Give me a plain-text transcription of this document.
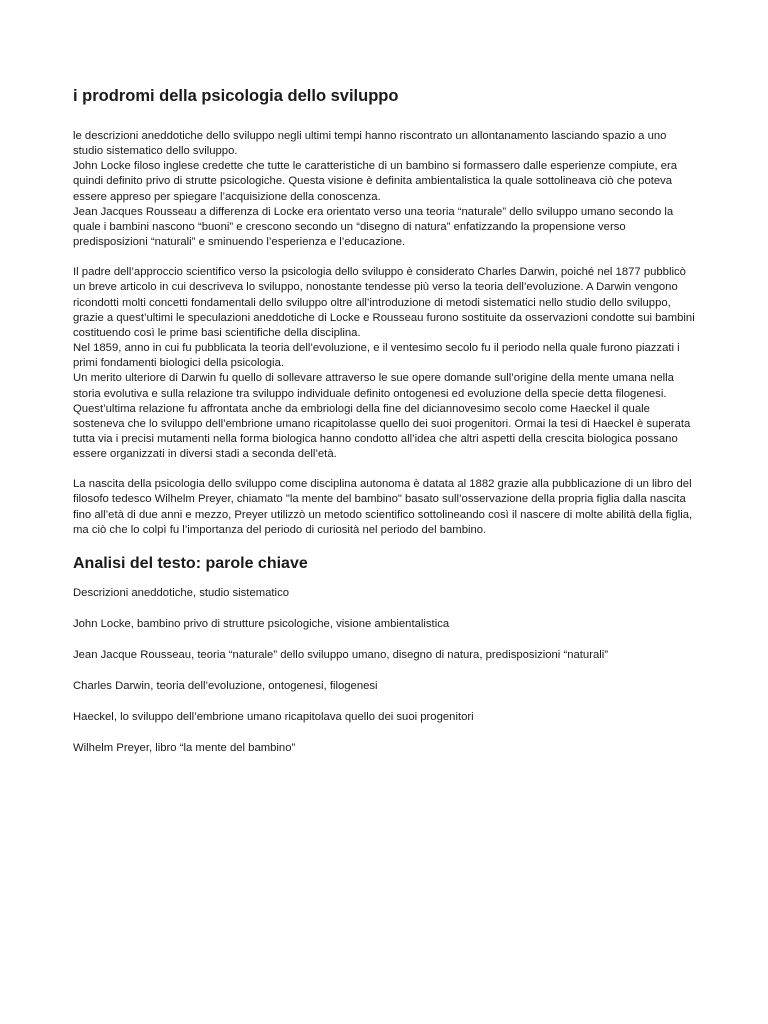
i prodromi della psicologia dello sviluppo

le descrizioni aneddotiche dello sviluppo negli ultimi tempi hanno riscontrato un allontanamento lasciando spazio a uno studio sistematico dello sviluppo.

John Locke filoso inglese credette che tutte le caratteristiche di un bambino si formassero dalle esperienze compiute, era quindi definito privo di strutte psicologiche. Questa visione è definita ambientalistica la quale sottolineava ciò che poteva essere appreso per spiegare l’acquisizione della conoscenza.

Jean Jacques Rousseau a differenza di Locke era orientato verso una teoria “naturale” dello sviluppo umano secondo la quale i bambini nascono “buoni” e crescono secondo un “disegno di natura” enfatizzando la propensione verso predisposizioni “naturali” e sminuendo l’esperienza e l’educazione.

Il padre dell’approccio scientifico verso la psicologia dello sviluppo è considerato Charles Darwin, poiché nel 1877 pubblicò un breve articolo in cui descriveva lo sviluppo, nonostante tendesse più verso la teoria dell’evoluzione. A Darwin vengono ricondotti molti concetti fondamentali dello sviluppo oltre all’introduzione di metodi sistematici nello studio dello sviluppo, grazie a quest’ultimi le speculazioni aneddotiche di Locke e Rousseau furono sostituite da osservazioni condotte sui bambini costituendo così le prime basi scientifiche della disciplina.

Nel 1859, anno in cui fu pubblicata la teoria dell’evoluzione, e il ventesimo secolo fu il periodo nella quale furono piazzati i primi fondamenti biologici della psicologia.

Un merito ulteriore di Darwin fu quello di sollevare attraverso le sue opere domande sull’origine della mente umana nella storia evolutiva e sulla relazione tra sviluppo individuale definito ontogenesi ed evoluzione della specie detta filogenesi.

Quest’ultima relazione fu affrontata anche da embriologi della fine del diciannovesimo secolo come Haeckel il quale sosteneva che lo sviluppo dell’embrione umano ricapitolasse quello dei suoi progenitori. Ormai la tesi di Haeckel è superata tutta via i precisi mutamenti nella forma biologica hanno condotto all’idea che altri aspetti della crescita biologica possano essere organizzati in diversi stadi a seconda dell’età.

La nascita della psicologia dello sviluppo come disciplina autonoma è datata al 1882 grazie alla pubblicazione di un libro del filosofo tedesco Wilhelm Preyer, chiamato "la mente del bambino" basato sull’osservazione della propria figlia dalla nascita fino all’età di due anni e mezzo, Preyer utilizzò un metodo scientifico sottolineando così il nascere di molte abilità della figlia, ma ciò che lo colpì fu l’importanza del periodo di curiosità nel periodo del bambino.

Analisi del testo: parole chiave
Descrizioni aneddotiche, studio sistematico
John Locke, bambino privo di strutture psicologiche, visione ambientalistica
Jean Jacque Rousseau, teoria “naturale” dello sviluppo umano, disegno di natura, predisposizioni “naturali”
Charles Darwin, teoria dell’evoluzione, ontogenesi, filogenesi
Haeckel, lo sviluppo dell’embrione umano ricapitolava quello dei suoi progenitori
Wilhelm Preyer, libro “la mente del bambino”
